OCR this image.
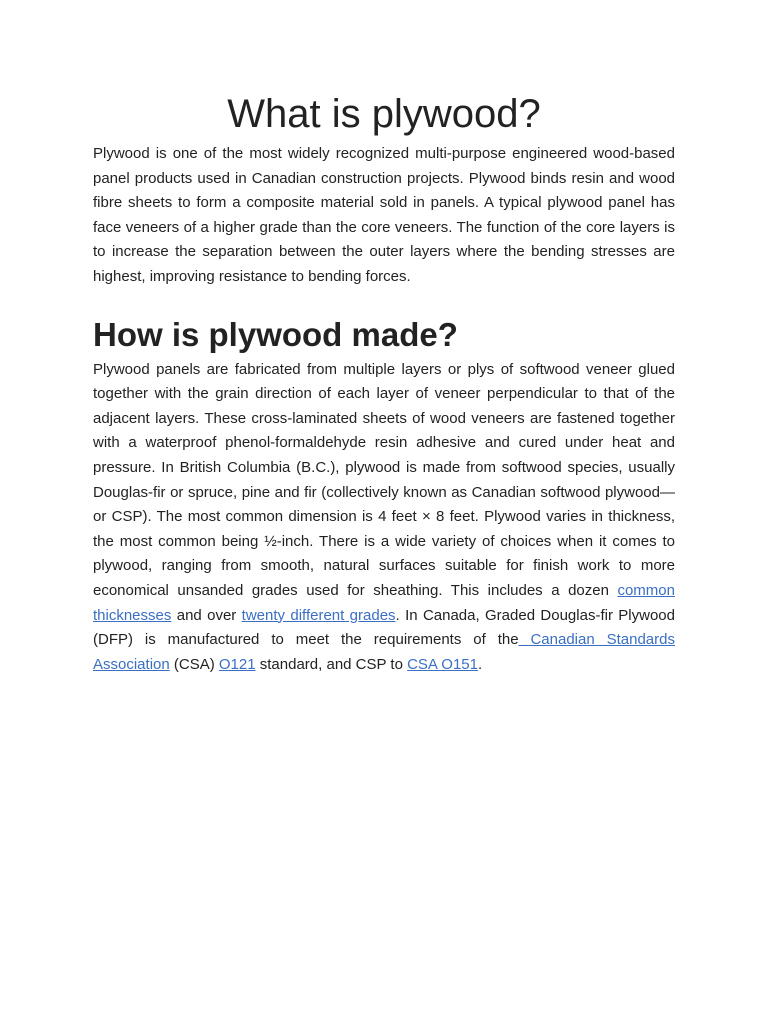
What is plywood?

Plywood is one of the most widely recognized multi-purpose engineered wood-based panel products used in Canadian construction projects. Plywood binds resin and wood fibre sheets to form a composite material sold in panels. A typical plywood panel has face veneers of a higher grade than the core veneers. The function of the core layers is to increase the separation between the outer layers where the bending stresses are highest, improving resistance to bending forces.

How is plywood made?

Plywood panels are fabricated from multiple layers or plys of softwood veneer glued together with the grain direction of each layer of veneer perpendicular to that of the adjacent layers. These cross-laminated sheets of wood veneers are fastened together with a waterproof phenol-formaldehyde resin adhesive and cured under heat and pressure. In British Columbia (B.C.), plywood is made from softwood species, usually Douglas-fir or spruce, pine and fir (collectively known as Canadian softwood plywood—or CSP). The most common dimension is 4 feet × 8 feet. Plywood varies in thickness, the most common being ½-inch. There is a wide variety of choices when it comes to plywood, ranging from smooth, natural surfaces suitable for finish work to more economical unsanded grades used for sheathing. This includes a dozen common thicknesses and over twenty different grades. In Canada, Graded Douglas-fir Plywood (DFP) is manufactured to meet the requirements of the Canadian Standards Association (CSA) O121 standard, and CSP to CSA O151.
